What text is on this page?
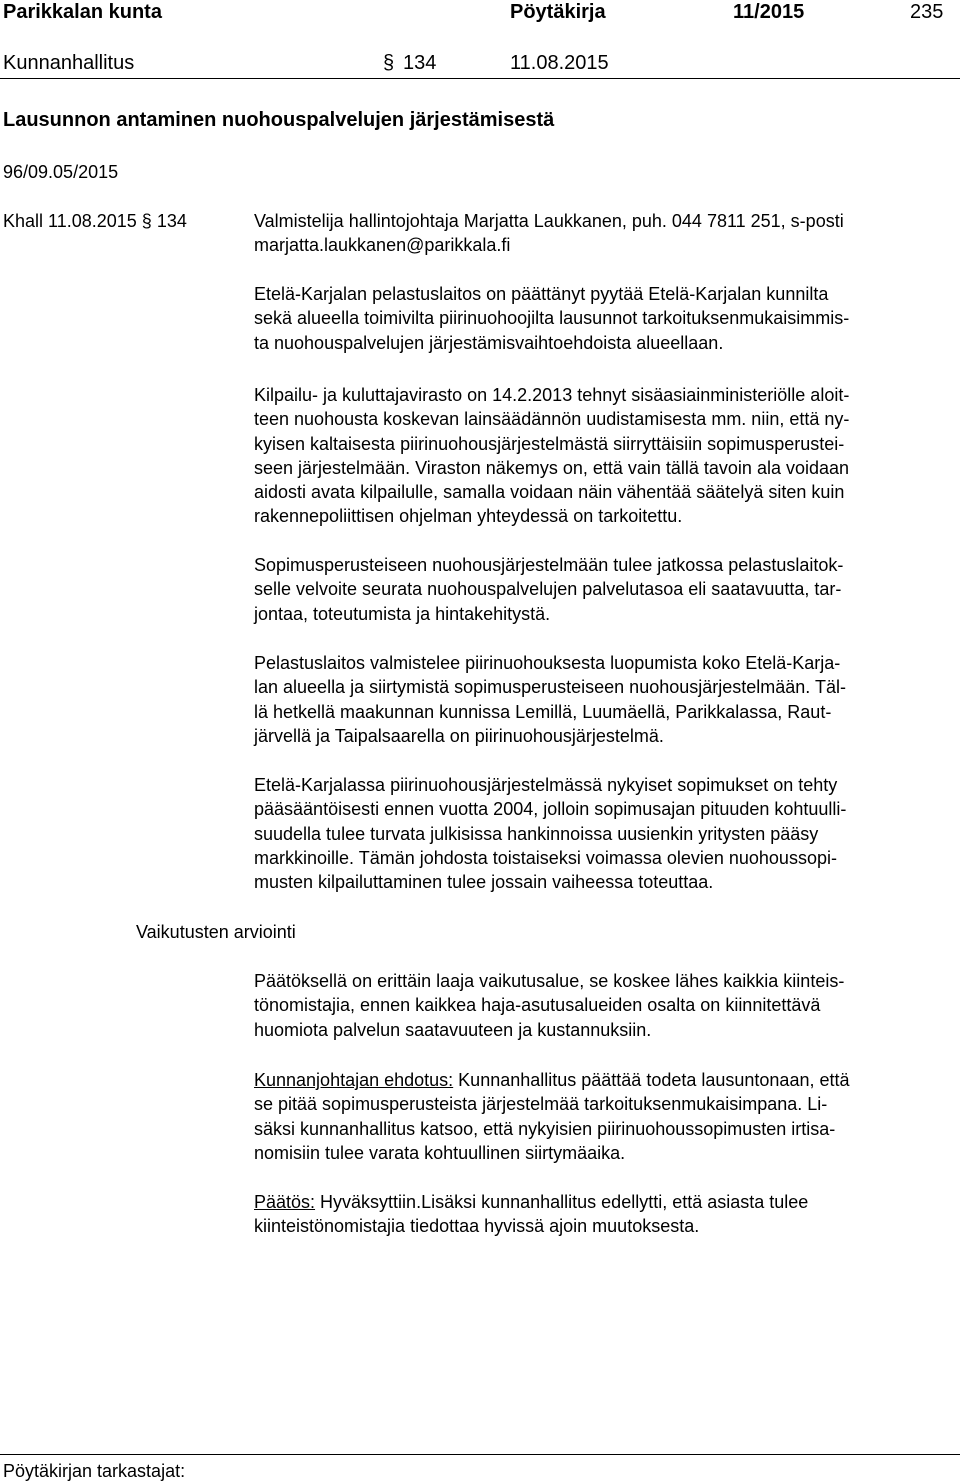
Parikkalan kunta	Pöytäkirja	11/2015	235
Kunnanhallitus	§ 134	11.08.2015
Lausunnon antaminen nuohouspalvelujen järjestämisestä
96/09.05/2015
Khall 11.08.2015 § 134	Valmistelija hallintojohtaja Marjatta Laukkanen, puh. 044 7811 251, s-posti

marjatta.laukkanen@parikkala.fi

Etelä-Karjalan pelastuslaitos on päättänyt pyytää Etelä-Karjalan kunnilta

sekä alueella toimivilta piirinuohoojilta lausunnot tarkoituksenmukaisimmis-

ta nuohouspalvelujen järjestämisvaihtoehdoista alueellaan.

Kilpailu- ja kuluttajavirasto on 14.2.2013 tehnyt sisäasiainministeriölle aloit-

teen nuohousta koskevan lainsäädännön uudistamisesta mm. niin, että ny-

kyisen kaltaisesta piirinuohousjärjestelmästä siirryttäisiin sopimusperustei-

seen järjestelmään. Viraston näkemys on, että vain tällä tavoin ala voidaan

aidosti avata kilpailulle, samalla voidaan näin vähentää säätelyä siten kuin

rakennepoliittisen ohjelman yhteydessä on tarkoitettu.

Sopimusperusteiseen nuohousjärjestelmään tulee jatkossa pelastuslaitok-

selle velvoite seurata nuohouspalvelujen palvelutasoa eli saatavuutta, tar-

jontaa, toteutumista ja hintakehitystä.

Pelastuslaitos valmistelee piirinuohouksesta luopumista koko Etelä-Karja-

lan alueella ja siirtymistä sopimusperusteiseen nuohousjärjestelmään. Täl-

lä hetkellä maakunnan kunnissa Lemillä, Luumäellä, Parikkalassa, Raut-

järvellä ja Taipalsaarella on piirinuohousjärjestelmä.

Etelä-Karjalassa piirinuohousjärjestelmässä nykyiset sopimukset on tehty

pääsääntöisesti ennen vuotta 2004, jolloin sopimusajan pituuden kohtuulli-

suudella tulee turvata julkisissa hankinnoissa uusienkin yritysten pääsy

markkinoille. Tämän johdosta toistaiseksi voimassa olevien nuohoussopi-

musten kilpailuttaminen tulee jossain vaiheessa toteuttaa.

Vaikutusten arviointi

Päätöksellä on erittäin laaja vaikutusalue, se koskee lähes kaikkia kiinteis-

tönomistajia, ennen kaikkea haja-asutusalueiden osalta on kiinnitettävä

huomiota palvelun saatavuuteen ja kustannuksiin.

Kunnanjohtajan ehdotus: Kunnanhallitus päättää todeta lausuntonaan, että

se pitää sopimusperusteista järjestelmää tarkoituksenmukaisimpana. Li-

säksi kunnanhallitus katsoo, että nykyisien piirinuohoussopimusten irtisa-

nomisiin tulee varata kohtuullinen siirtymäaika.

Päätös: Hyväksyttiin.Lisäksi kunnanhallitus edellytti, että asiasta tulee

kiinteistönomistajia tiedottaa hyvissä ajoin muutoksesta.

Pöytäkirjan tarkastajat:
